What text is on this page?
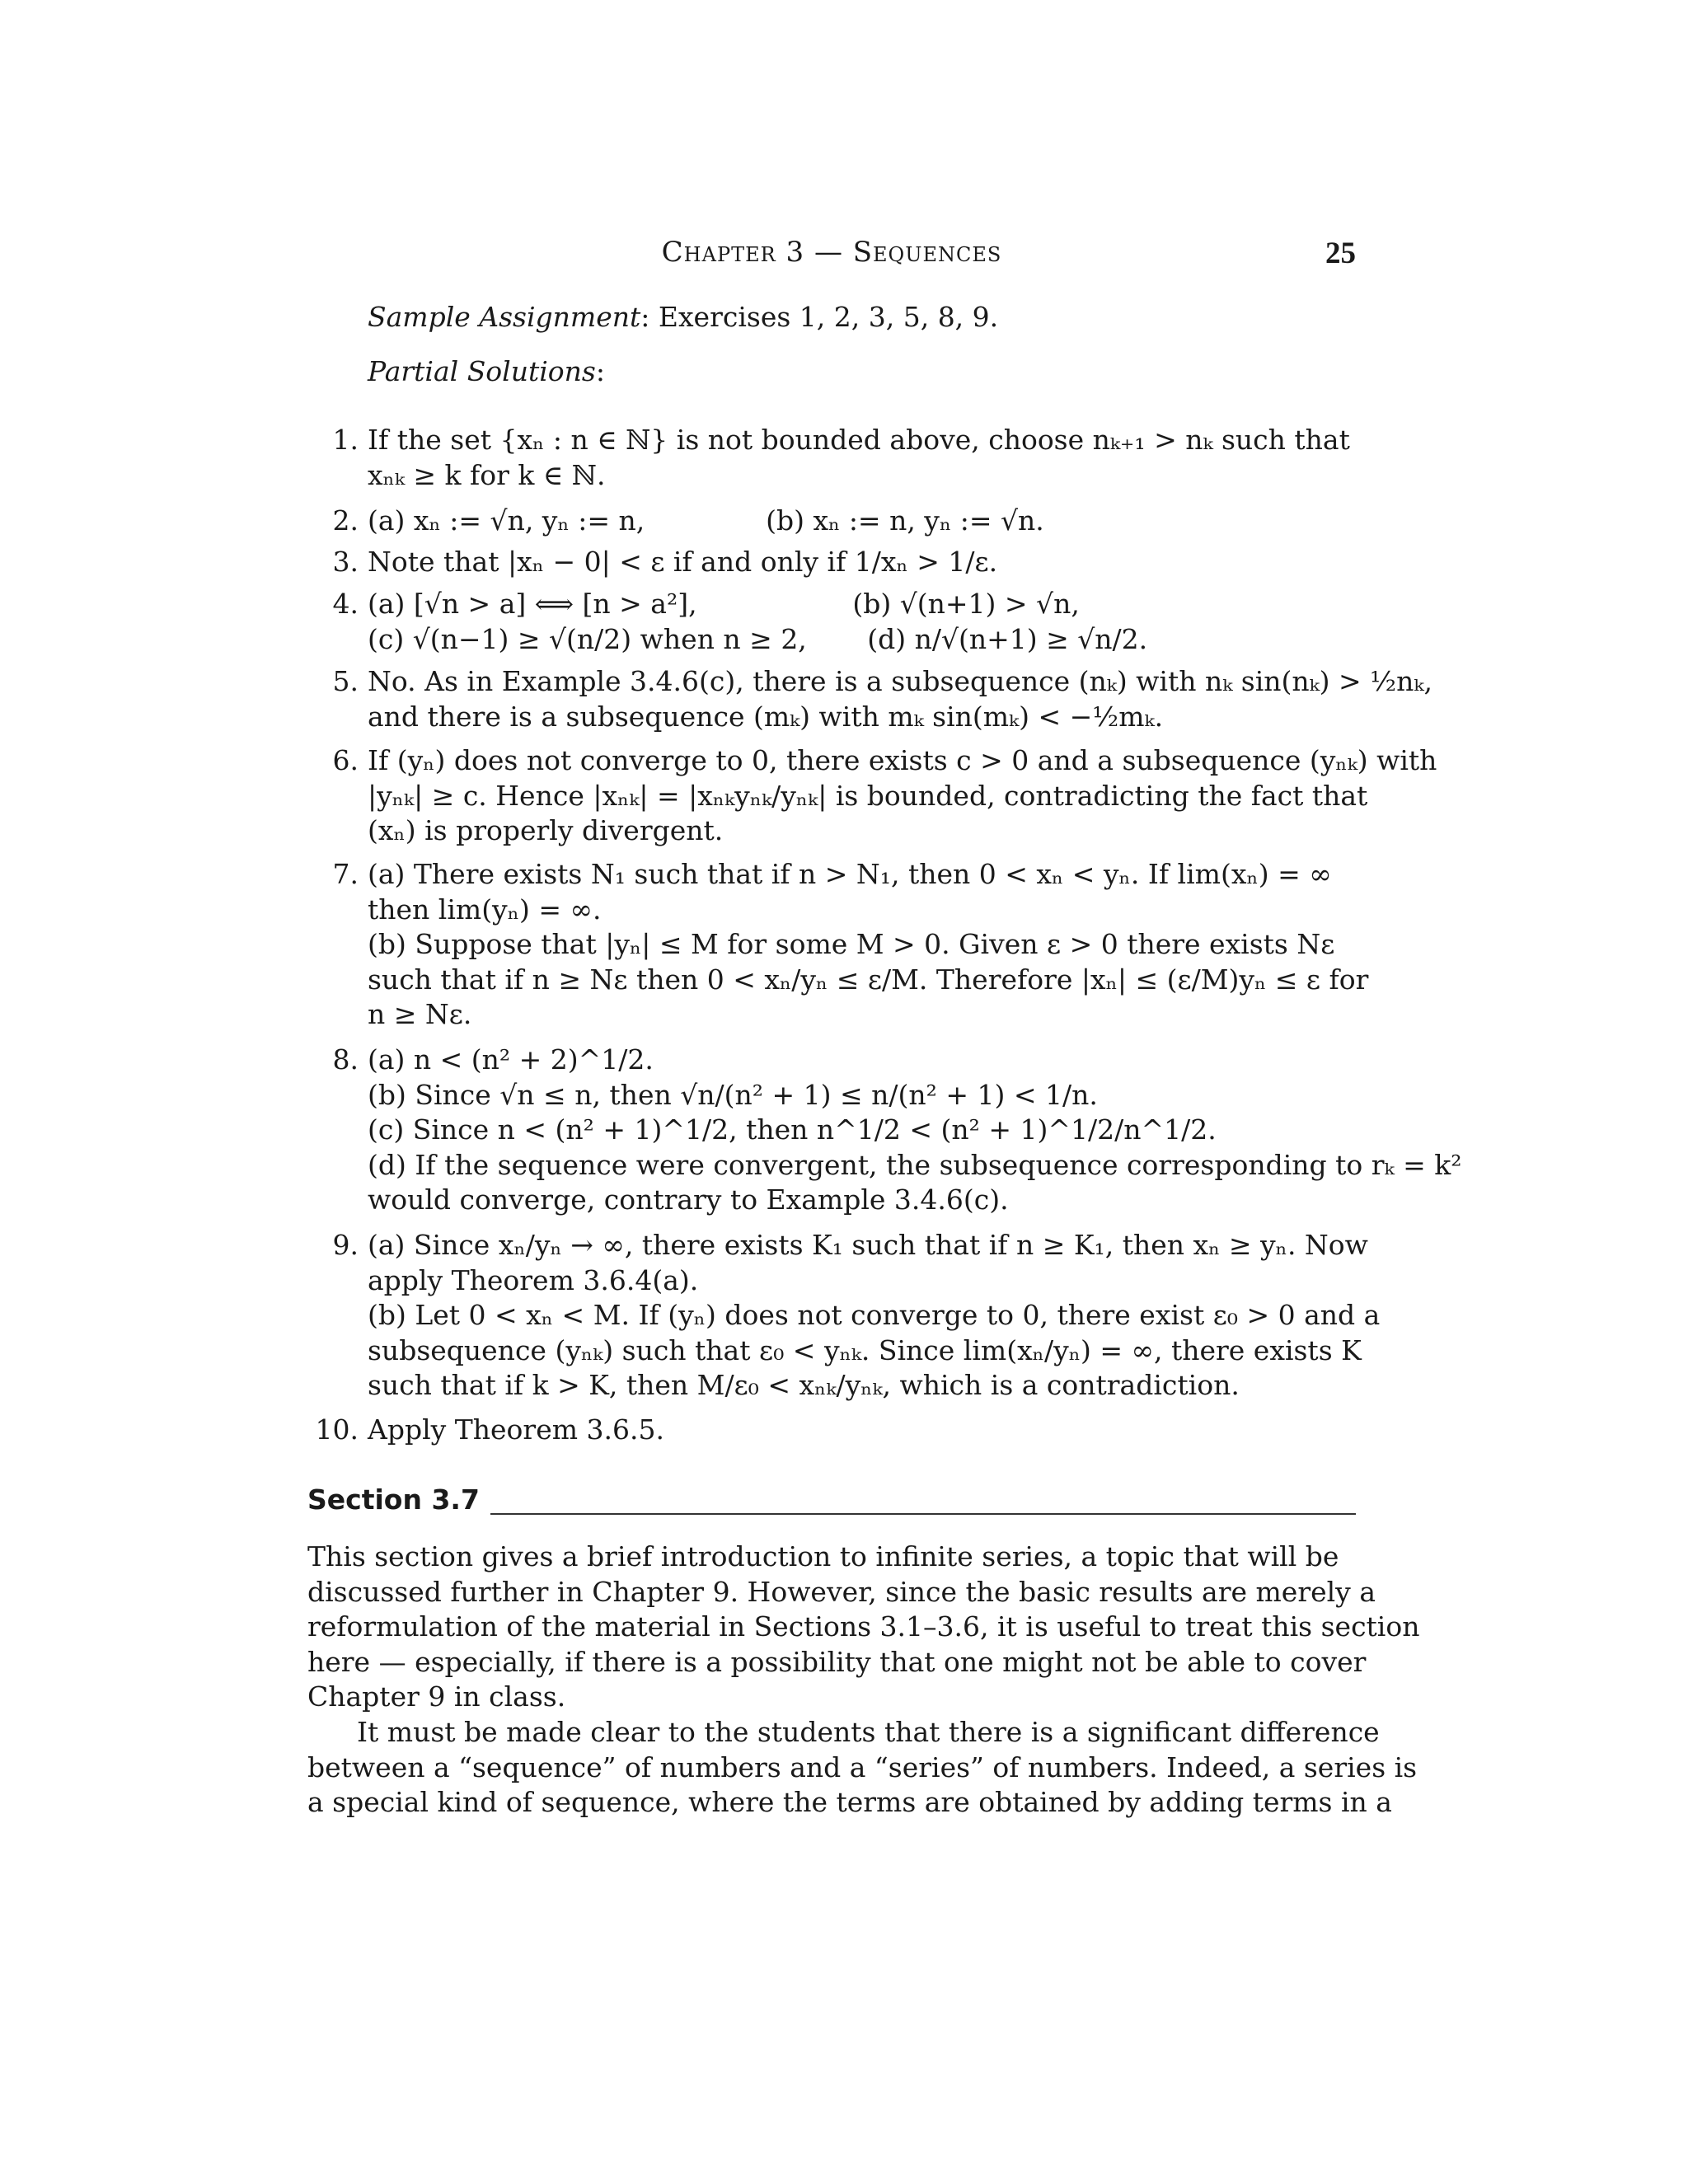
Chapter 3 — Sequences	25
Sample Assignment: Exercises 1, 2, 3, 5, 8, 9.
Partial Solutions:
1. If the set {xₙ : n ∈ ℕ} is not bounded above, choose nₖ₊₁ > nₖ such that
xₙₖ ≥ k for k ∈ ℕ.
2. (a) xₙ := √n, yₙ := n,              (b) xₙ := n, yₙ := √n.
3. Note that |xₙ − 0| < ε if and only if 1/xₙ > 1/ε.
4. (a) [√n > a] ⟺ [n > a²],                  (b) √(n+1) > √n,
(c) √(n−1) ≥ √(n/2) when n ≥ 2,       (d) n/√(n+1) ≥ √n/2.
5. No. As in Example 3.4.6(c), there is a subsequence (nₖ) with nₖ sin(nₖ) > ½nₖ,
and there is a subsequence (mₖ) with mₖ sin(mₖ) < −½mₖ.
6. If (yₙ) does not converge to 0, there exists c > 0 and a subsequence (yₙₖ) with
|yₙₖ| ≥ c. Hence |xₙₖ| = |xₙₖyₙₖ/yₙₖ| is bounded, contradicting the fact that
(xₙ) is properly divergent.
7. (a) There exists N₁ such that if n > N₁, then 0 < xₙ < yₙ. If lim(xₙ) = ∞
then lim(yₙ) = ∞.
(b) Suppose that |yₙ| ≤ M for some M > 0. Given ε > 0 there exists Nε
such that if n ≥ Nε then 0 < xₙ/yₙ ≤ ε/M. Therefore |xₙ| ≤ (ε/M)yₙ ≤ ε for
n ≥ Nε.
8. (a) n < (n² + 2)^1/2.
(b) Since √n ≤ n, then √n/(n² + 1) ≤ n/(n² + 1) < 1/n.
(c) Since n < (n² + 1)^1/2, then n^1/2 < (n² + 1)^1/2/n^1/2.
(d) If the sequence were convergent, the subsequence corresponding to rₖ = k²
would converge, contrary to Example 3.4.6(c).
9. (a) Since xₙ/yₙ → ∞, there exists K₁ such that if n ≥ K₁, then xₙ ≥ yₙ. Now
apply Theorem 3.6.4(a).
(b) Let 0 < xₙ < M. If (yₙ) does not converge to 0, there exist ε₀ > 0 and a
subsequence (yₙₖ) such that ε₀ < yₙₖ. Since lim(xₙ/yₙ) = ∞, there exists K
such that if k > K, then M/ε₀ < xₙₖ/yₙₖ, which is a contradiction.
10. Apply Theorem 3.6.5.
Section 3.7
This section gives a brief introduction to infinite series, a topic that will be
discussed further in Chapter 9. However, since the basic results are merely a
reformulation of the material in Sections 3.1–3.6, it is useful to treat this section
here — especially, if there is a possibility that one might not be able to cover
Chapter 9 in class.
It must be made clear to the students that there is a significant difference
between a “sequence” of numbers and a “series” of numbers. Indeed, a series is
a special kind of sequence, where the terms are obtained by adding terms in a
